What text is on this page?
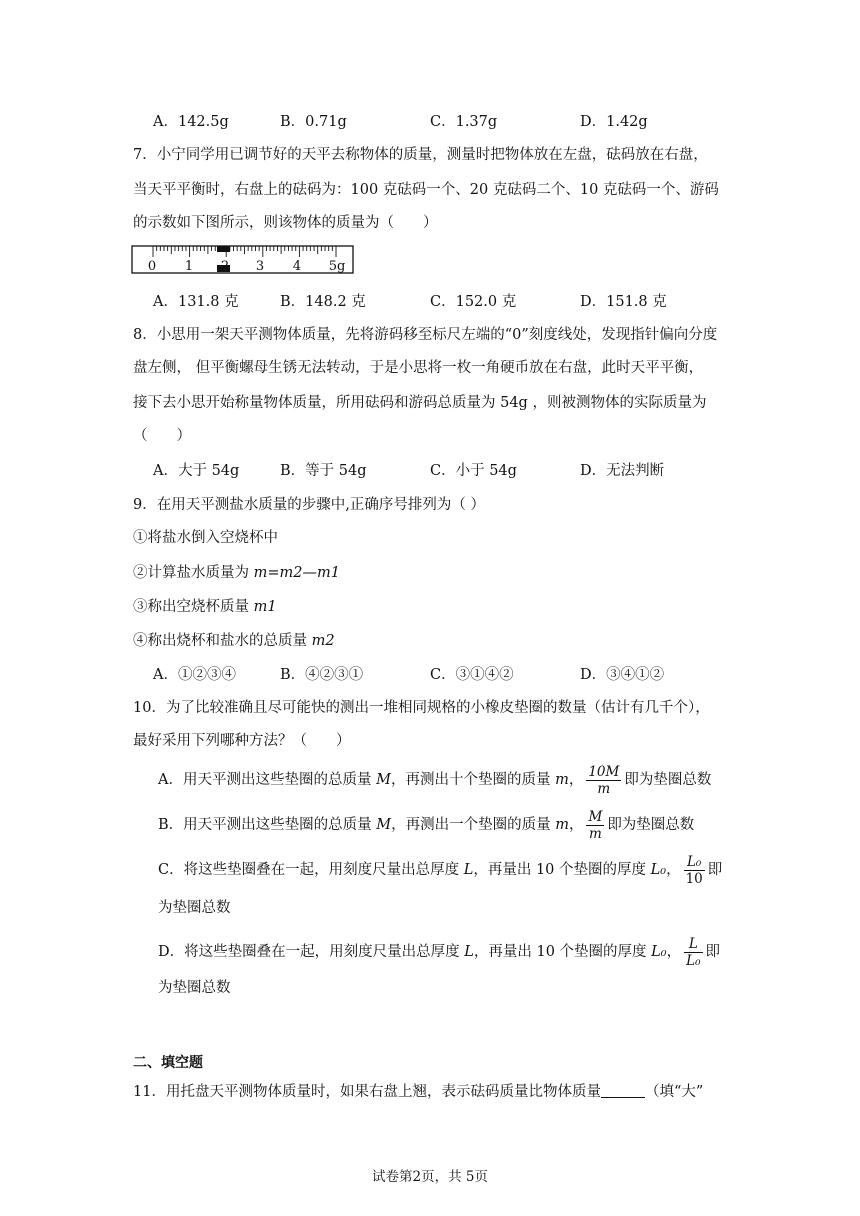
A．142.5g	B．0.71g	C．1.37g	D．1.42g
7．小宁同学用已调节好的天平去称物体的质量，测量时把物体放在左盘，砝码放在右盘，
当天平平衡时，右盘上的砝码为：100 克砝码一个、20 克砝码二个、10 克砝码一个、游码
的示数如下图所示，则该物体的质量为（　　）
0 1 2 3 4 5g
A．131.8 克	B．148.2 克	C．152.0 克	D．151.8 克
8．小思用一架天平测物体质量，先将游码移至标尺左端的“0”刻度线处，发现指针偏向分度
盘左侧， 但平衡螺母生锈无法转动，于是小思将一枚一角硬币放在右盘，此时天平平衡，
接下去小思开始称量物体质量，所用砝码和游码总质量为 54g ，则被测物体的实际质量为
（　　）
A．大于 54g	B．等于 54g	C．小于 54g	D．无法判断
9．在用天平测盐水质量的步骤中,正确序号排列为（ ）
①将盐水倒入空烧杯中
②计算盐水质量为 m=m2—m1
③称出空烧杯质量 m1
④称出烧杯和盐水的总质量 m2
A．①②③④	B．④②③①	C．③①④②	D．③④①②
10．为了比较准确且尽可能快的测出一堆相同规格的小橡皮垫圈的数量（估计有几千个），
最好采用下列哪种方法？（　　）
A．用天平测出这些垫圈的总质量 M，再测出十个垫圈的质量 m， $\frac{10M}{m}$ 即为垫圈总数
B．用天平测出这些垫圈的总质量 M，再测出一个垫圈的质量 m， $\frac{M}{m}$ 即为垫圈总数
C．将这些垫圈叠在一起，用刻度尺量出总厚度 L，再量出 10 个垫圈的厚度 L₀， $\frac{\text{L₀}}{10}$ 即
为垫圈总数
D．将这些垫圈叠在一起，用刻度尺量出总厚度 L，再量出 10 个垫圈的厚度 L₀， $\frac{L}{\text{L₀}}$ 即
为垫圈总数
二、填空题
11．用托盘天平测物体质量时，如果右盘上翘，表示砝码质量比物体质量	（填“大”
试卷第2页，共 5页
